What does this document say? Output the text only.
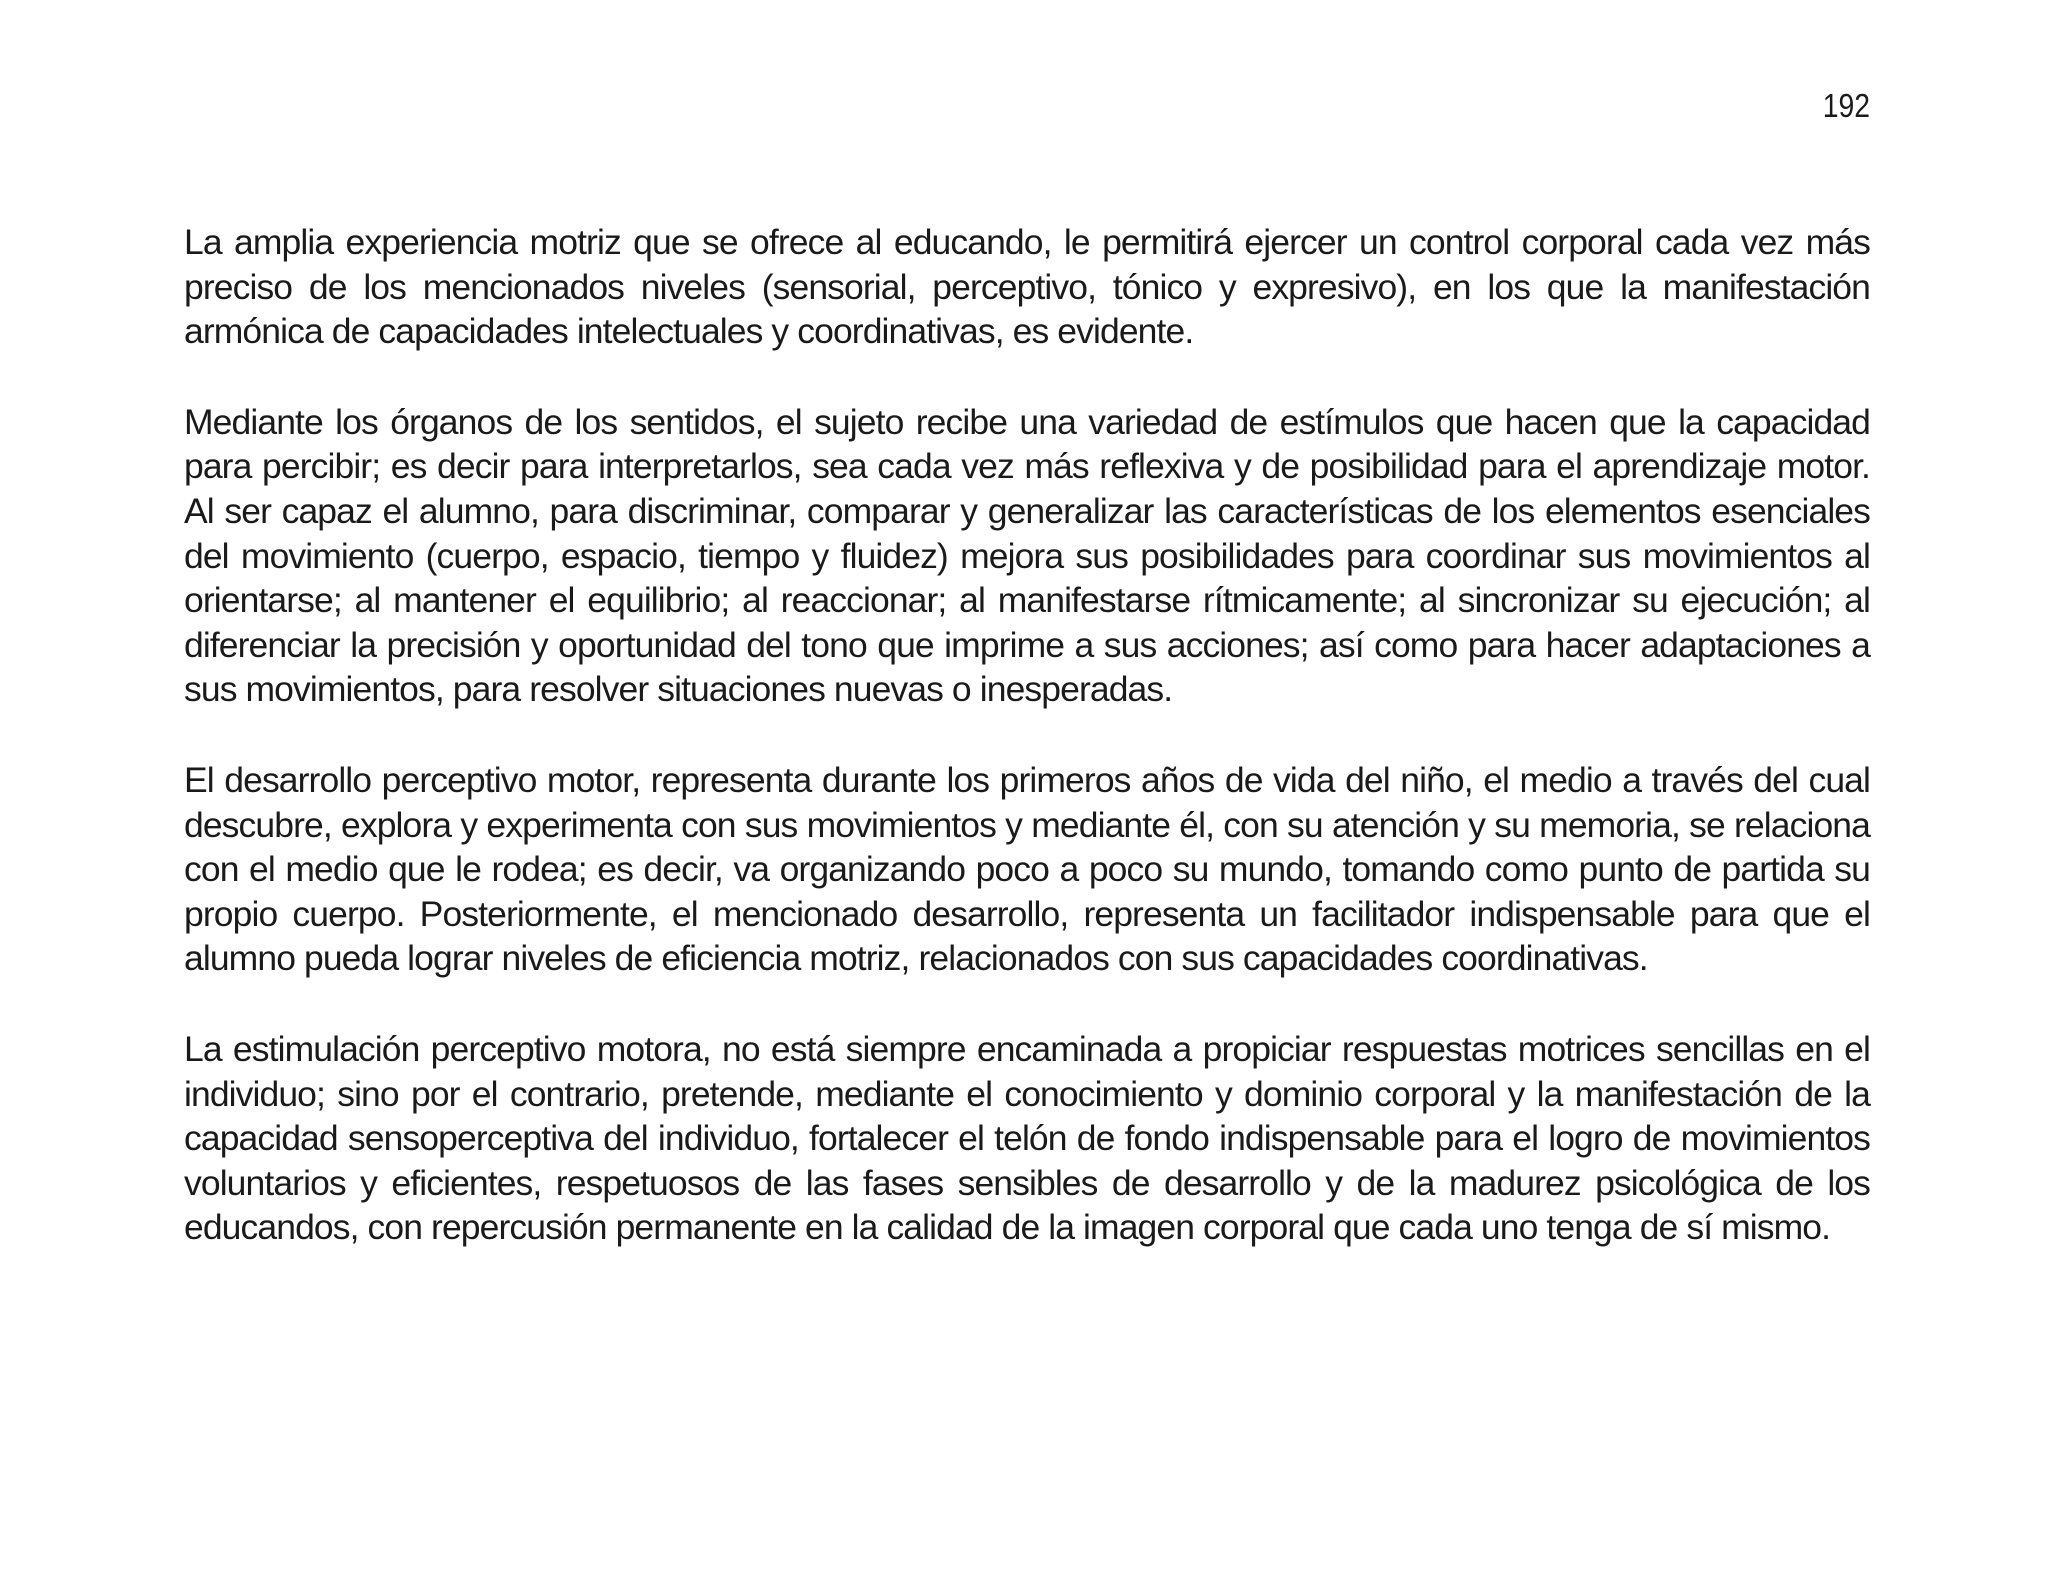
192

La amplia experiencia motriz que se ofrece al educando, le permitirá ejercer un control corporal cada vez más preciso de los mencionados niveles (sensorial, perceptivo, tónico y expresivo), en los que la manifestación armónica de capacidades intelectuales y coordinativas, es evidente.

Mediante los órganos de los sentidos, el sujeto recibe una variedad de estímulos que hacen que la capacidad para percibir; es decir para interpretarlos, sea cada vez más reflexiva y de posibilidad para el aprendizaje motor. Al ser capaz el alumno, para discriminar, comparar y generalizar las características de los elementos esenciales del movimiento (cuerpo, espacio, tiempo y fluidez) mejora sus posibilidades para coordinar sus movimientos al orientarse; al mantener el equilibrio; al reaccionar; al manifestarse rítmicamente; al sincronizar su ejecución; al diferenciar la precisión y oportunidad del tono que imprime a sus acciones; así como para hacer adaptaciones a sus movimientos, para resolver situaciones nuevas o inesperadas.

El desarrollo perceptivo motor, representa durante los primeros años de vida del niño, el medio a través del cual descubre, explora y experimenta con sus movimientos y mediante él, con su atención y su memoria, se relaciona con el medio que le rodea; es decir, va organizando poco a poco su mundo, tomando como punto de partida su propio cuerpo. Posteriormente, el mencionado desarrollo, representa un facilitador indispensable para que el alumno pueda lograr niveles de eficiencia motriz, relacionados con sus capacidades coordinativas.

La estimulación perceptivo motora, no está siempre encaminada a propiciar respuestas motrices sencillas en el individuo; sino por el contrario, pretende, mediante el conocimiento y dominio corporal y la manifestación de la capacidad sensoperceptiva del individuo, fortalecer el telón de fondo indispensable para el logro de movimientos voluntarios y eficientes, respetuosos de las fases sensibles de desarrollo y de la madurez psicológica de los educandos, con repercusión permanente en la calidad de la imagen corporal que cada uno tenga de sí mismo.
